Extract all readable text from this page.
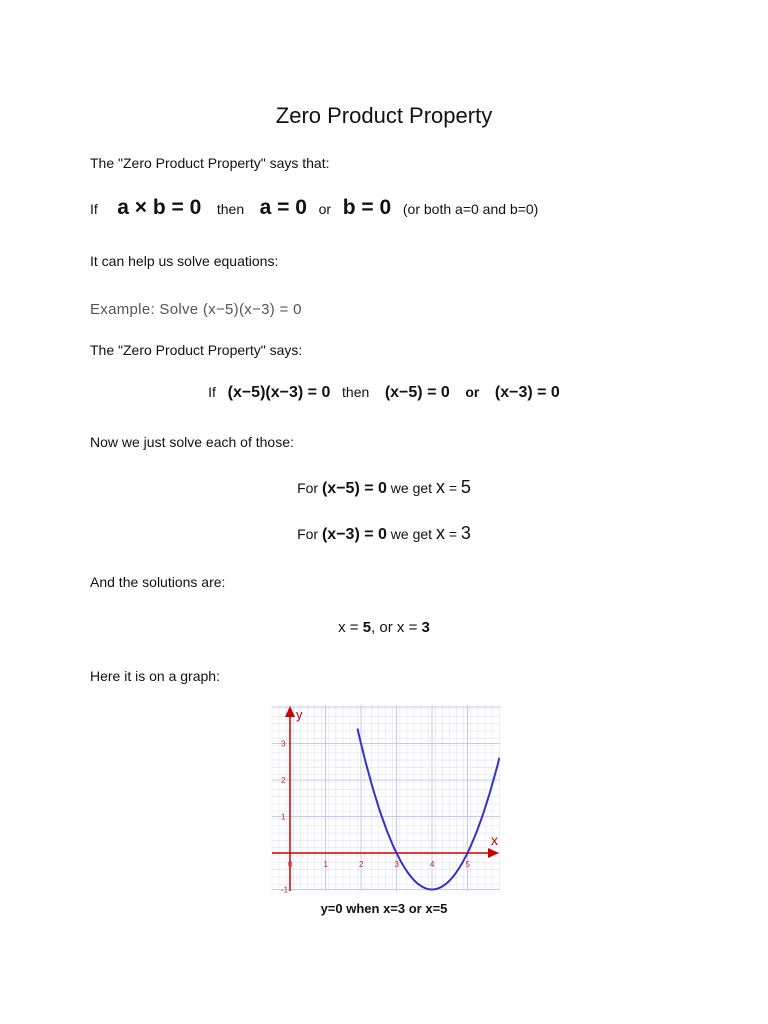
Zero Product Property
The "Zero Product Property" says that:
If a × b = 0 then a = 0 or b = 0 (or both a=0 and b=0)
It can help us solve equations:
Example: Solve (x−5)(x−3) = 0
The "Zero Product Property" says:
If (x−5)(x−3) = 0 then (x−5) = 0 or (x−3) = 0
Now we just solve each of those:
For (x−5) = 0 we get x = 5
For (x−3) = 0 we get x = 3
And the solutions are:
x = 5, or x = 3
Here it is on a graph:
x
y
0	1	2	3	4	5
-1
1
2
3
y=0 when x=3 or x=5
